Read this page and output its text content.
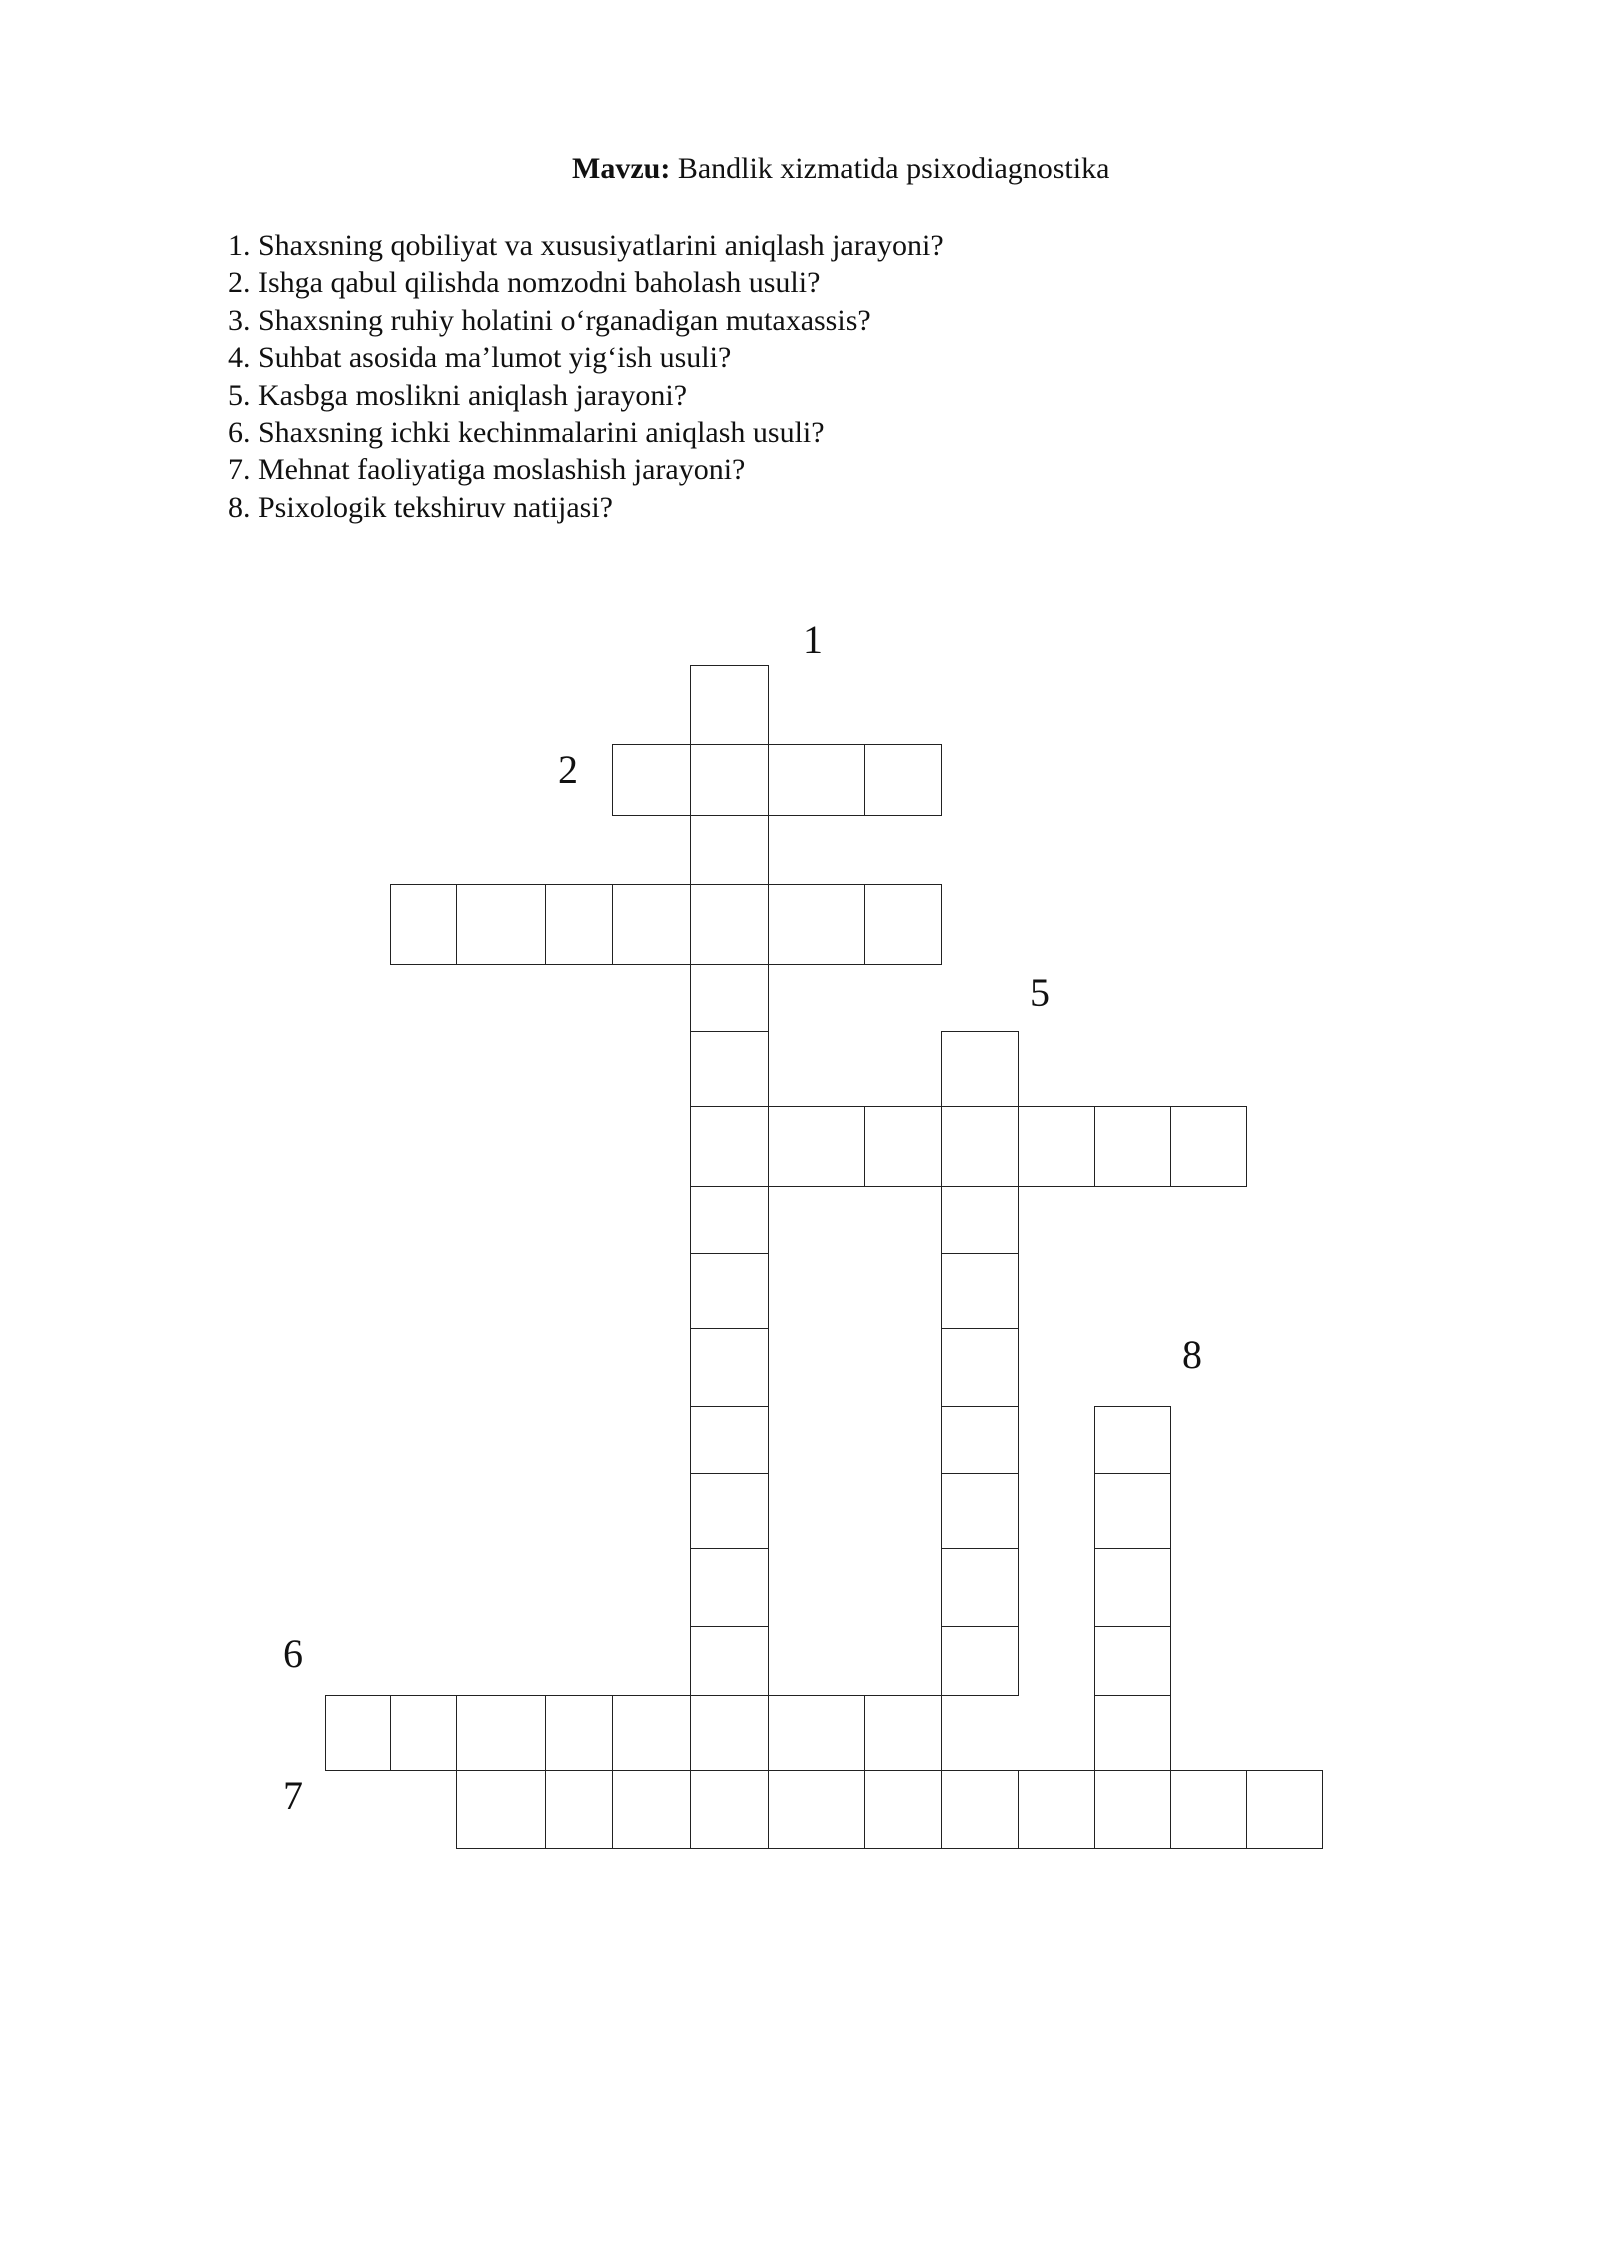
Mavzu: Bandlik xizmatida psixodiagnostika
1. Shaxsning qobiliyat va xususiyatlarini aniqlash jarayoni?
2. Ishga qabul qilishda nomzodni baholash usuli?
3. Shaxsning ruhiy holatini o‘rganadigan mutaxassis?
4. Suhbat asosida ma’lumot yig‘ish usuli?
5. Kasbga moslikni aniqlash jarayoni?
6. Shaxsning ichki kechinmalarini aniqlash usuli?
7. Mehnat faoliyatiga moslashish jarayoni?
8. Psixologik tekshiruv natijasi?
1
2
5
6
7
8
